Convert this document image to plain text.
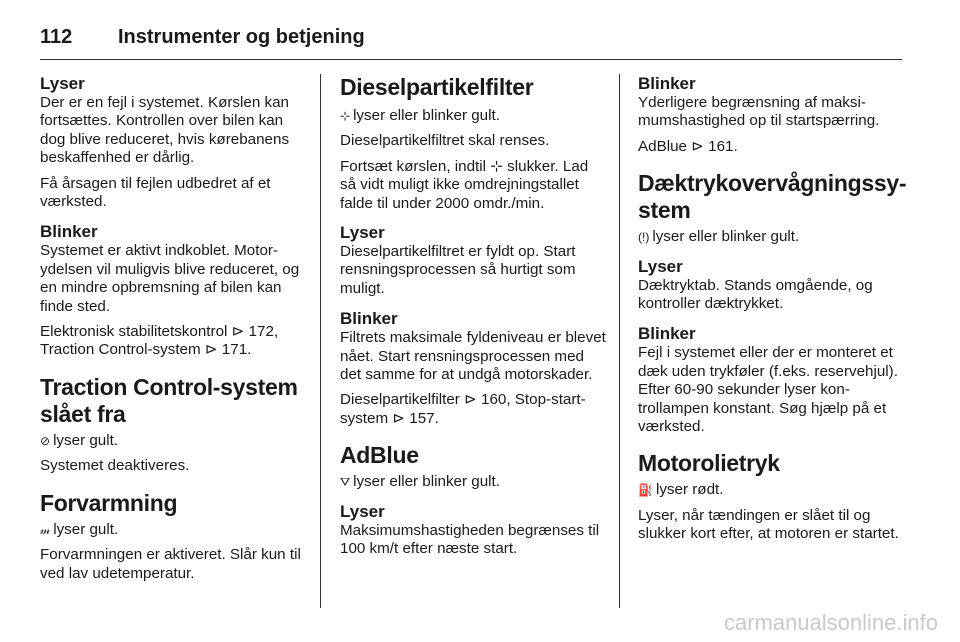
112	Instrumenter og betjening
Lyser

Der er en fejl i systemet. Kørslen kan fortsættes. Kontrollen over bilen kan dog blive reduceret, hvis kørebanens beskaffenhed er dårlig.

Få årsagen til fejlen udbedret af et værksted.

Blinker

Systemet er aktivt indkoblet. Motorydelsen vil muligvis blive reduceret, og en mindre opbremsning af bilen kan finde sted.

Elektronisk stabilitetskontrol ⊳ 172, Traction Control-system ⊳ 171.

Traction Control-system slået fra

⊘ lyser gult.

Systemet deaktiveres.

Forvarmning

𝓂 lyser gult.

Forvarmningen er aktiveret. Slår kun til ved lav udetemperatur.

Dieselpartikelfilter

⊹ lyser eller blinker gult.

Dieselpartikelfiltret skal renses.

Fortsæt kørslen, indtil ⊹ slukker. Lad så vidt muligt ikke omdrejningstallet falde til under 2000 omdr./min.

Lyser

Dieselpartikelfiltret er fyldt op. Start rensningsprocessen så hurtigt som muligt.

Blinker

Filtrets maksimale fyldeniveau er blevet nået. Start rensningsprocessen med det samme for at undgå motorskader.

Dieselpartikelfilter ⊳ 160, Stop-start-system ⊳ 157.

AdBlue

⛛ lyser eller blinker gult.

Lyser

Maksimumshastigheden begrænses til 100 km/t efter næste start.

Blinker

Yderligere begrænsning af maksimumshastighed op til startspærring.

AdBlue ⊳ 161.

Dæktrykovervågningssystem

(!) lyser eller blinker gult.

Lyser

Dæktryktab. Stands omgående, og kontroller dæktrykket.

Blinker

Fejl i systemet eller der er monteret et dæk uden trykføler (f.eks. reservehjul). Efter 60-90 sekunder lyser kontrollampen konstant. Søg hjælp på et værksted.

Motorolietryk

⛽ lyser rødt.

Lyser, når tændingen er slået til og slukker kort efter, at motoren er startet.

carmanualsonline.info
